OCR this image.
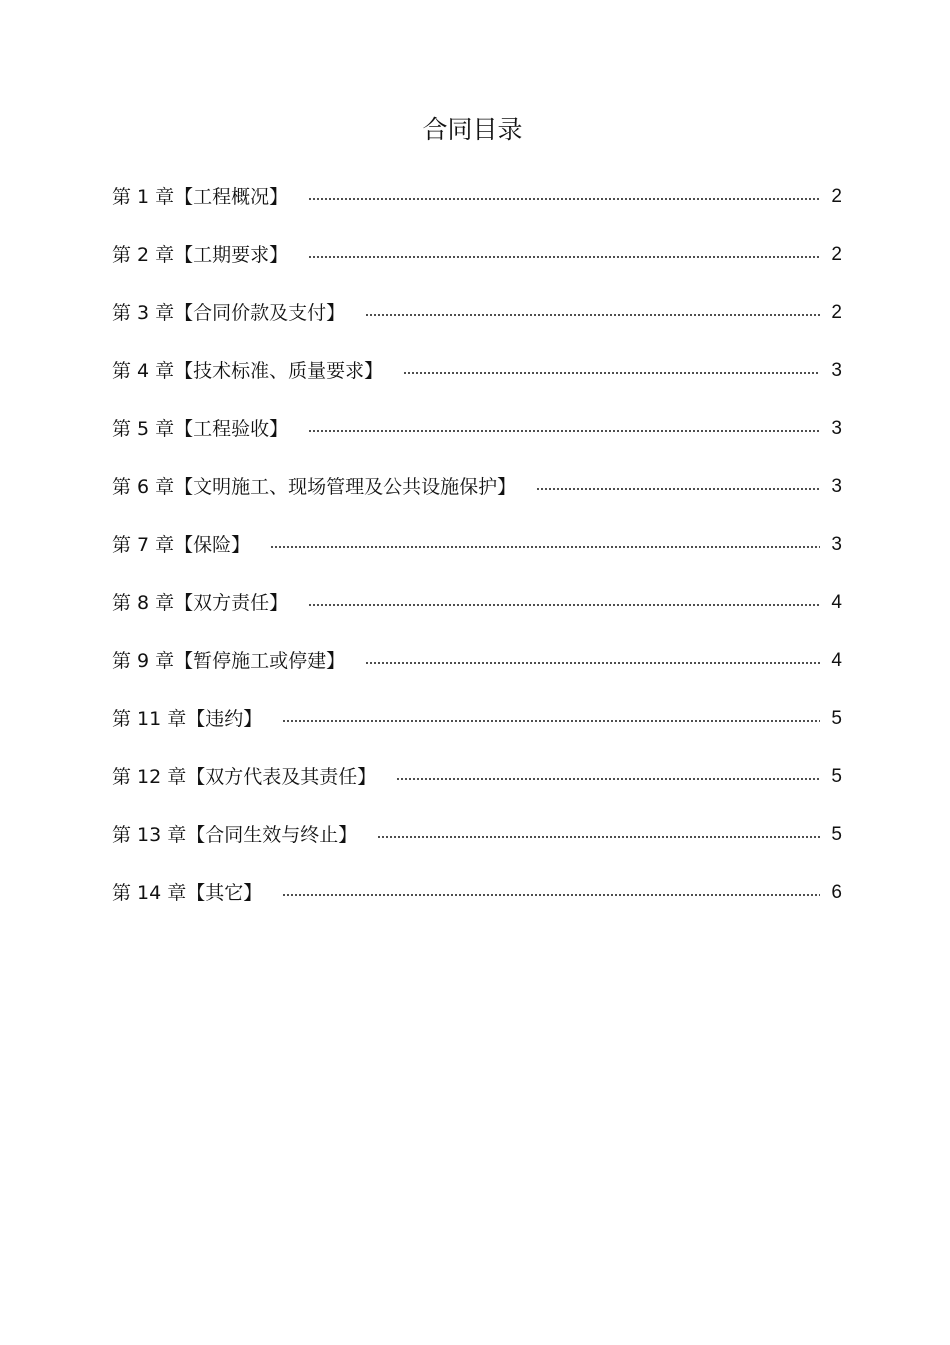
合同目录
第 1 章【工程概况】	2
第 2 章【工期要求】	2
第 3 章【合同价款及支付】	2
第 4 章【技术标准、质量要求】	3
第 5 章【工程验收】	3
第 6 章【文明施工、现场管理及公共设施保护】	3
第 7 章【保险】	3
第 8 章【双方责任】	4
第 9 章【暂停施工或停建】	4
第 11 章【违约】	5
第 12 章【双方代表及其责任】	5
第 13 章【合同生效与终止】	5
第 14 章【其它】	6
